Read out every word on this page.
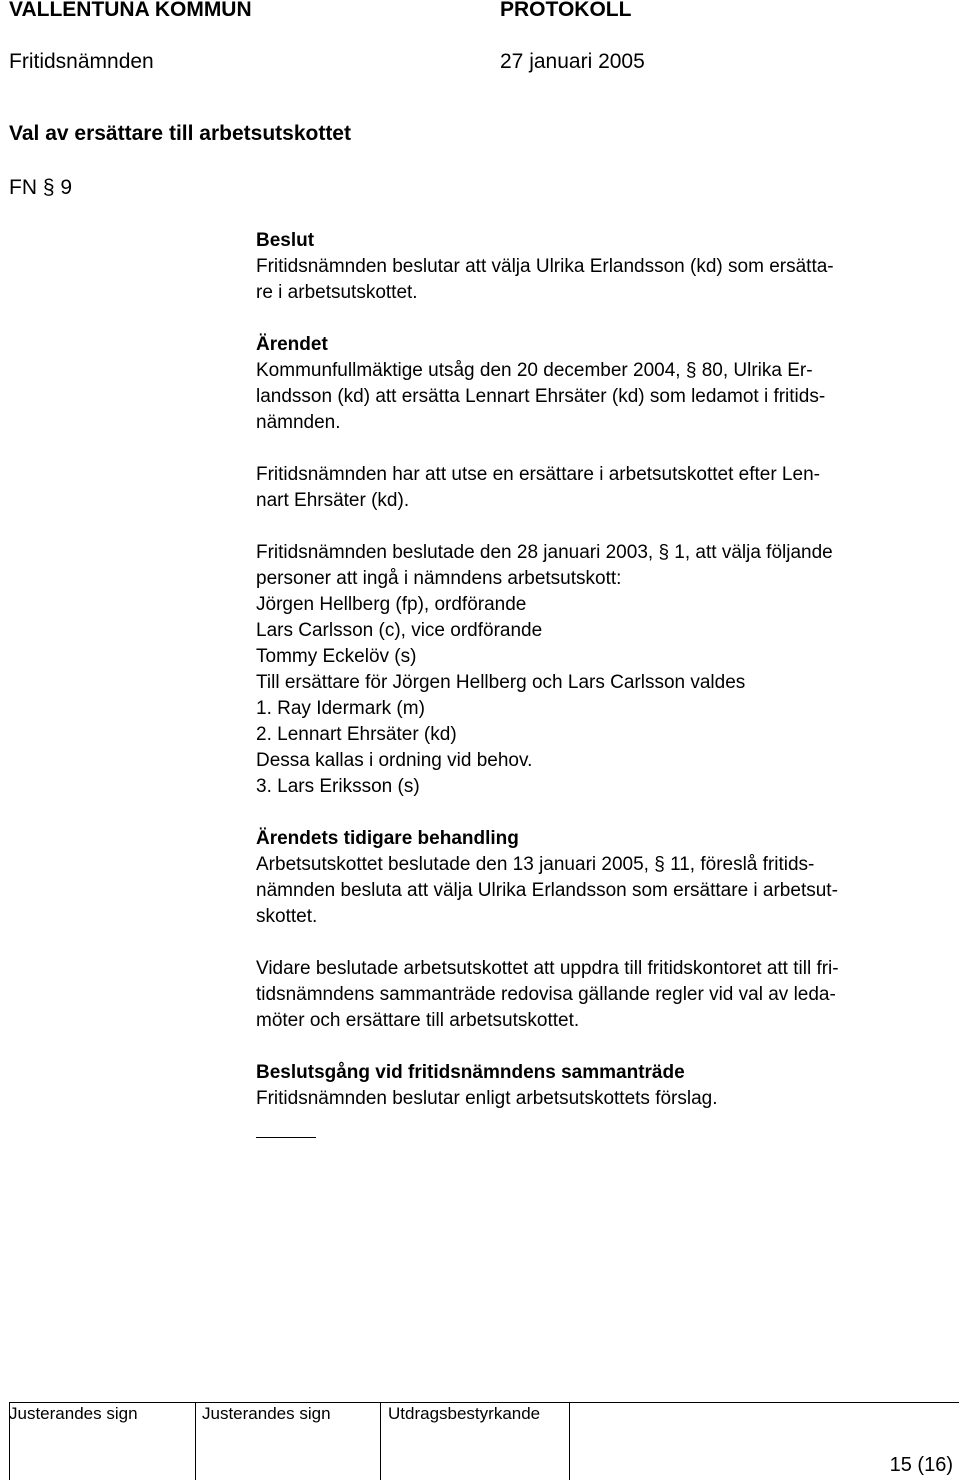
VALLENTUNA KOMMUN	PROTOKOLL
Fritidsnämnden	27 januari 2005
Val av ersättare till arbetsutskottet
FN § 9
Beslut
Fritidsnämnden beslutar att välja Ulrika Erlandsson (kd) som ersätta-
re i arbetsutskottet.
Ärendet
Kommunfullmäktige utsåg den 20 december 2004, § 80, Ulrika Er-
landsson (kd) att ersätta Lennart Ehrsäter (kd) som ledamot i fritids-
nämnden.
Fritidsnämnden har att utse en ersättare i arbetsutskottet efter Len-
nart Ehrsäter (kd).
Fritidsnämnden beslutade den 28 januari 2003, § 1, att välja följande
personer att ingå i nämndens arbetsutskott:
Jörgen Hellberg (fp), ordförande
Lars Carlsson (c), vice ordförande
Tommy Eckelöv (s)
Till ersättare för Jörgen Hellberg och Lars Carlsson valdes
1. Ray Idermark (m)
2. Lennart Ehrsäter (kd)
Dessa kallas i ordning vid behov.
3. Lars Eriksson (s)
Ärendets tidigare behandling
Arbetsutskottet beslutade den 13 januari 2005, § 11, föreslå fritids-
nämnden besluta att välja Ulrika Erlandsson som ersättare i arbetsut-
skottet.
Vidare beslutade arbetsutskottet att uppdra till fritidskontoret att till fri-
tidsnämndens sammanträde redovisa gällande regler vid val av leda-
möter och ersättare till arbetsutskottet.
Beslutsgång vid fritidsnämndens sammanträde
Fritidsnämnden beslutar enligt arbetsutskottets förslag.
Justerandes sign	Justerandes sign	Utdragsbestyrkande
15 (16)
